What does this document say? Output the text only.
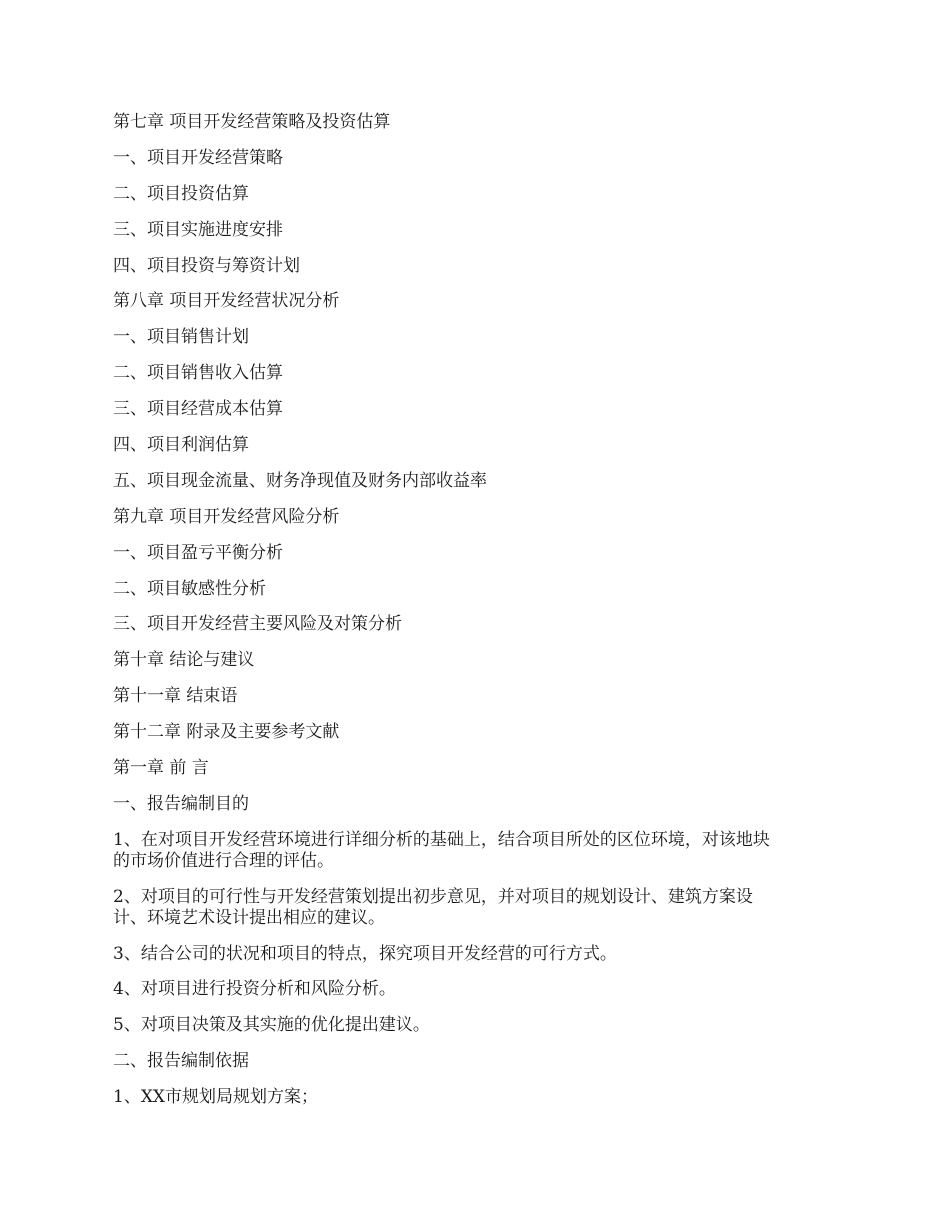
第七章 项目开发经营策略及投资估算
一、项目开发经营策略
二、项目投资估算
三、项目实施进度安排
四、项目投资与筹资计划
第八章 项目开发经营状况分析
一、项目销售计划
二、项目销售收入估算
三、项目经营成本估算
四、项目利润估算
五、项目现金流量、财务净现值及财务内部收益率
第九章 项目开发经营风险分析
一、项目盈亏平衡分析
二、项目敏感性分析
三、项目开发经营主要风险及对策分析
第十章 结论与建议
第十一章 结束语
第十二章 附录及主要参考文献
第一章 前 言
一、报告编制目的
1、在对项目开发经营环境进行详细分析的基础上，结合项目所处的区位环境，对该地块
的市场价值进行合理的评估。
2、对项目的可行性与开发经营策划提出初步意见，并对项目的规划设计、建筑方案设
计、环境艺术设计提出相应的建议。
3、结合公司的状况和项目的特点，探究项目开发经营的可行方式。
4、对项目进行投资分析和风险分析。
5、对项目决策及其实施的优化提出建议。
二、报告编制依据
1、XX市规划局规划方案；
